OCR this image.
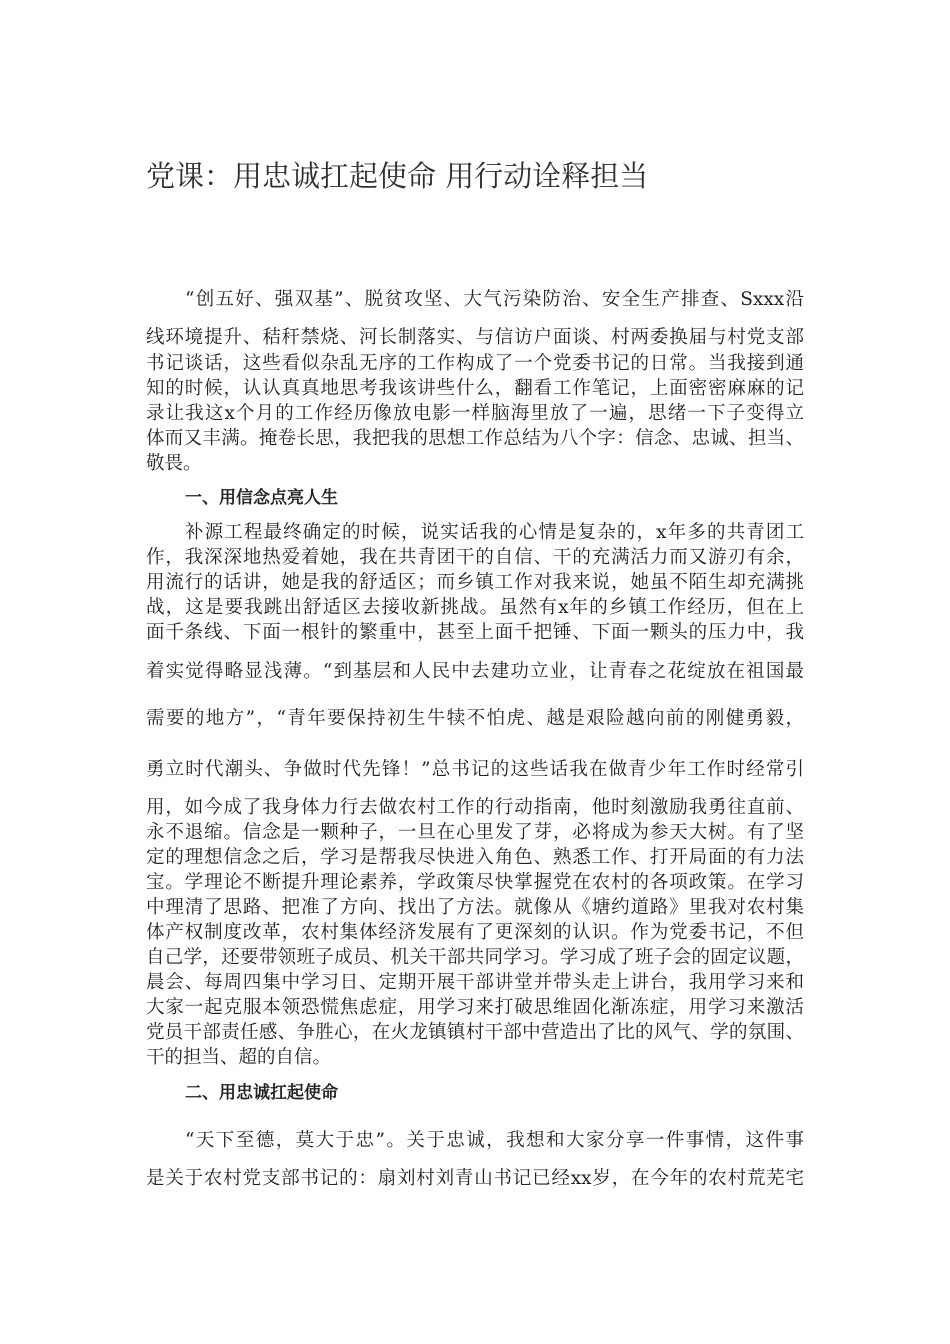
党课：用忠诚扛起使命 用行动诠释担当

“创五好、强双基”、脱贫攻坚、大气污染防治、安全生产排查、Sxxx沿

线环境提升、秸秆禁烧、河长制落实、与信访户面谈、村两委换届与村党支部

书记谈话，这些看似杂乱无序的工作构成了一个党委书记的日常。当我接到通

知的时候，认认真真地思考我该讲些什么，翻看工作笔记，上面密密麻麻的记

录让我这x个月的工作经历像放电影一样脑海里放了一遍，思绪一下子变得立

体而又丰满。掩卷长思，我把我的思想工作总结为八个字：信念、忠诚、担当、

敬畏。

一、用信念点亮人生

补源工程最终确定的时候，说实话我的心情是复杂的，x年多的共青团工

作，我深深地热爱着她，我在共青团干的自信、干的充满活力而又游刃有余，

用流行的话讲，她是我的舒适区；而乡镇工作对我来说，她虽不陌生却充满挑

战，这是要我跳出舒适区去接收新挑战。虽然有x年的乡镇工作经历，但在上

面千条线、下面一根针的繁重中，甚至上面千把锤、下面一颗头的压力中，我

着实觉得略显浅薄。“到基层和人民中去建功立业，让青春之花绽放在祖国最

需要的地方”，“青年要保持初生牛犊不怕虎、越是艰险越向前的刚健勇毅，

勇立时代潮头、争做时代先锋！”总书记的这些话我在做青少年工作时经常引

用，如今成了我身体力行去做农村工作的行动指南，他时刻激励我勇往直前、

永不退缩。信念是一颗种子，一旦在心里发了芽，必将成为参天大树。有了坚

定的理想信念之后，学习是帮我尽快进入角色、熟悉工作、打开局面的有力法

宝。学理论不断提升理论素养，学政策尽快掌握党在农村的各项政策。在学习

中理清了思路、把准了方向、找出了方法。就像从《塘约道路》里我对农村集

体产权制度改革，农村集体经济发展有了更深刻的认识。作为党委书记，不但

自己学，还要带领班子成员、机关干部共同学习。学习成了班子会的固定议题，

晨会、每周四集中学习日、定期开展干部讲堂并带头走上讲台，我用学习来和

大家一起克服本领恐慌焦虑症，用学习来打破思维固化渐冻症，用学习来激活

党员干部责任感、争胜心，在火龙镇镇村干部中营造出了比的风气、学的氛围、

干的担当、超的自信。

二、用忠诚扛起使命

“天下至德，莫大于忠”。关于忠诚，我想和大家分享一件事情，这件事

是关于农村党支部书记的：扇刘村刘青山书记已经xx岁，在今年的农村荒芜宅
